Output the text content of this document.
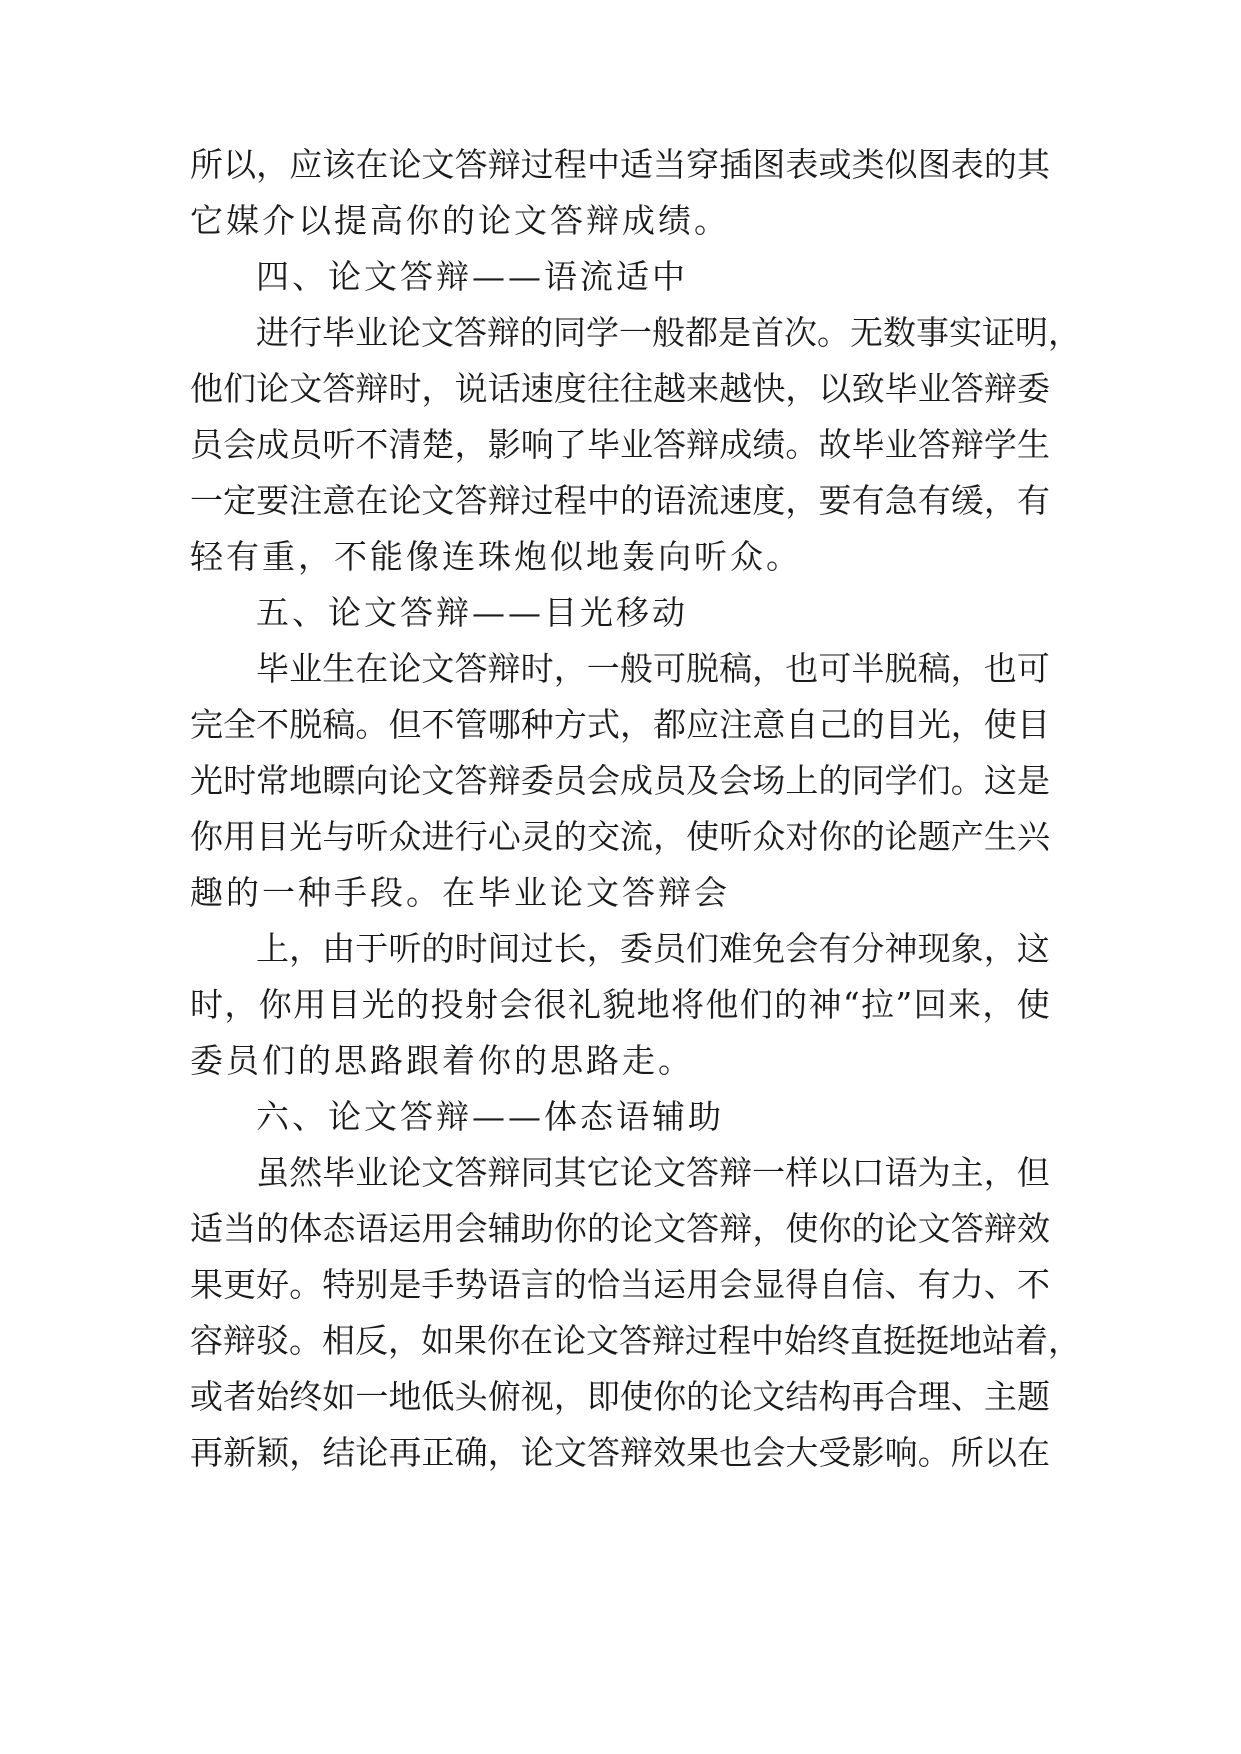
所 以 ， 应 该 在 论 文 答 辩 过 程 中 适 当 穿 插 图 表 或 类 似 图 表 的 其
它媒介以提高你的论文答辩成绩。
四、论文答辩——语流适中
进 行 毕 业 论 文 答 辩 的 同 学 一 般 都 是 首 次 。 无 数 事 实 证 明 ，
他 们 论 文 答 辩 时 ， 说 话 速 度 往 往 越 来 越 快 ， 以 致 毕 业 答 辩 委
员 会 成 员 听 不 清 楚 ， 影 响 了 毕 业 答 辩 成 绩 。 故 毕 业 答 辩 学 生
一 定 要 注 意 在 论 文 答 辩 过 程 中 的 语 流 速 度 ， 要 有 急 有 缓 ， 有
轻有重，不能像连珠炮似地轰向听众。
五、论文答辩——目光移动
毕 业 生 在 论 文 答 辩 时 ， 一 般 可 脱 稿 ， 也 可 半 脱 稿 ， 也 可
完 全 不 脱 稿 。 但 不 管 哪 种 方 式 ， 都 应 注 意 自 己 的 目 光 ， 使 目
光 时 常 地 瞟 向 论 文 答 辩 委 员 会 成 员 及 会 场 上 的 同 学 们 。 这 是
你 用 目 光 与 听 众 进 行 心 灵 的 交 流 ， 使 听 众 对 你 的 论 题 产 生 兴
趣的一种手段。在毕业论文答辩会
上 ， 由 于 听 的 时 间 过 长 ， 委 员 们 难 免 会 有 分 神 现 象 ， 这
时 ， 你 用 目 光 的 投 射 会 很 礼 貌 地 将 他 们 的 神 “ 拉 ” 回 来 ， 使
委员们的思路跟着你的思路走。
六、论文答辩——体态语辅助
虽 然 毕 业 论 文 答 辩 同 其 它 论 文 答 辩 一 样 以 口 语 为 主 ， 但
适 当 的 体 态 语 运 用 会 辅 助 你 的 论 文 答 辩 ， 使 你 的 论 文 答 辩 效
果 更 好 。 特 别 是 手 势 语 言 的 恰 当 运 用 会 显 得 自 信 、 有 力 、 不
容 辩 驳 。 相 反 ， 如 果 你 在 论 文 答 辩 过 程 中 始 终 直 挺 挺 地 站 着 ，
或 者 始 终 如 一 地 低 头 俯 视 ， 即 使 你 的 论 文 结 构 再 合 理 、 主 题
再 新 颖 ， 结 论 再 正 确 ， 论 文 答 辩 效 果 也 会 大 受 影 响 。 所 以 在
